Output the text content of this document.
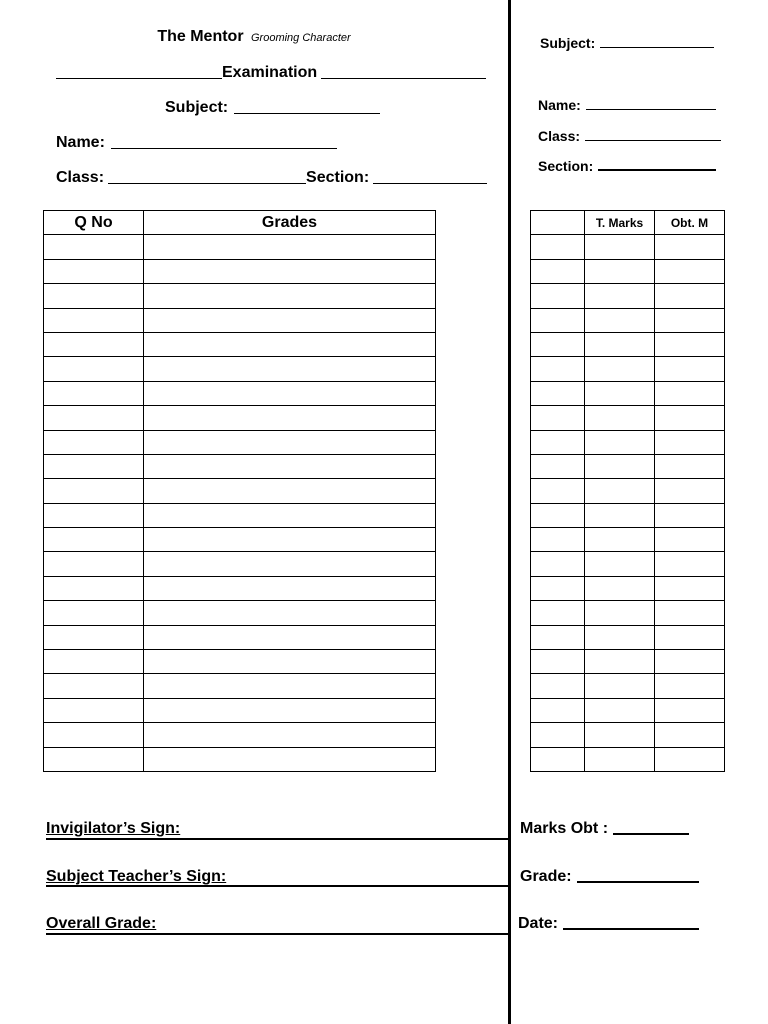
The Mentor Grooming Character
Examination
Subject:
Name:
Class:	Section:
Subject:
Name:
Class:
Section:
Q No	Grades

		T. Marks	Obt. M

Invigilator’s Sign:
Subject Teacher’s Sign:
Overall Grade:
Marks Obt :
Grade:
Date:
